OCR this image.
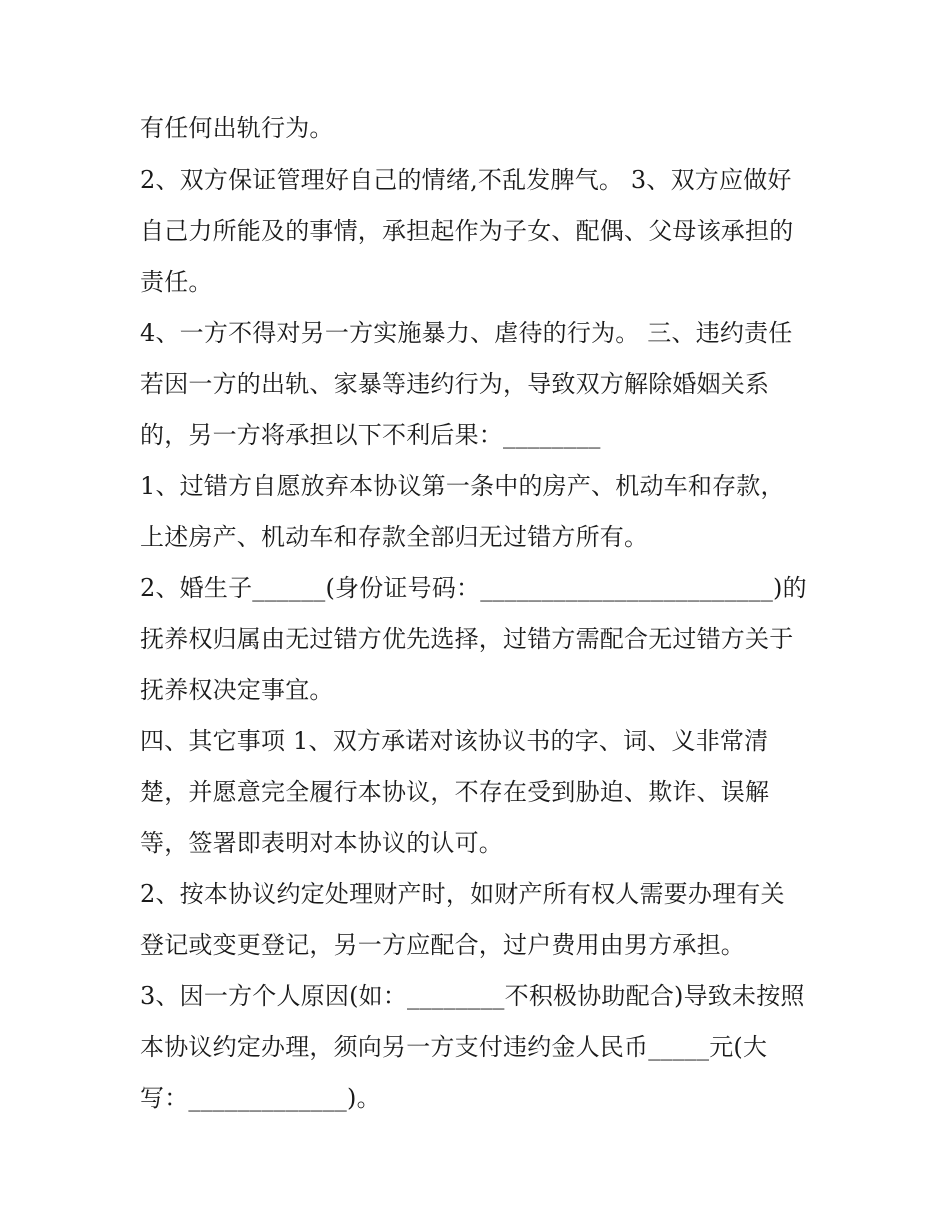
有任何出轨行为。

2、双方保证管理好自己的情绪,不乱发脾气。 3、双方应做好

自己力所能及的事情，承担起作为子女、配偶、父母该承担的

责任。

4、一方不得对另一方实施暴力、虐待的行为。 三、违约责任

若因一方的出轨、家暴等违约行为，导致双方解除婚姻关系

的，另一方将承担以下不利后果：________

1、过错方自愿放弃本协议第一条中的房产、机动车和存款，

上述房产、机动车和存款全部归无过错方所有。

2、婚生子______(身份证号码：________________________)的

抚养权归属由无过错方优先选择，过错方需配合无过错方关于

抚养权决定事宜。

四、其它事项 1、双方承诺对该协议书的字、词、义非常清

楚，并愿意完全履行本协议，不存在受到胁迫、欺诈、误解

等，签署即表明对本协议的认可。

2、按本协议约定处理财产时，如财产所有权人需要办理有关

登记或变更登记，另一方应配合，过户费用由男方承担。

3、因一方个人原因(如：________不积极协助配合)导致未按照

本协议约定办理，须向另一方支付违约金人民币_____元(大

写：_____________)。
